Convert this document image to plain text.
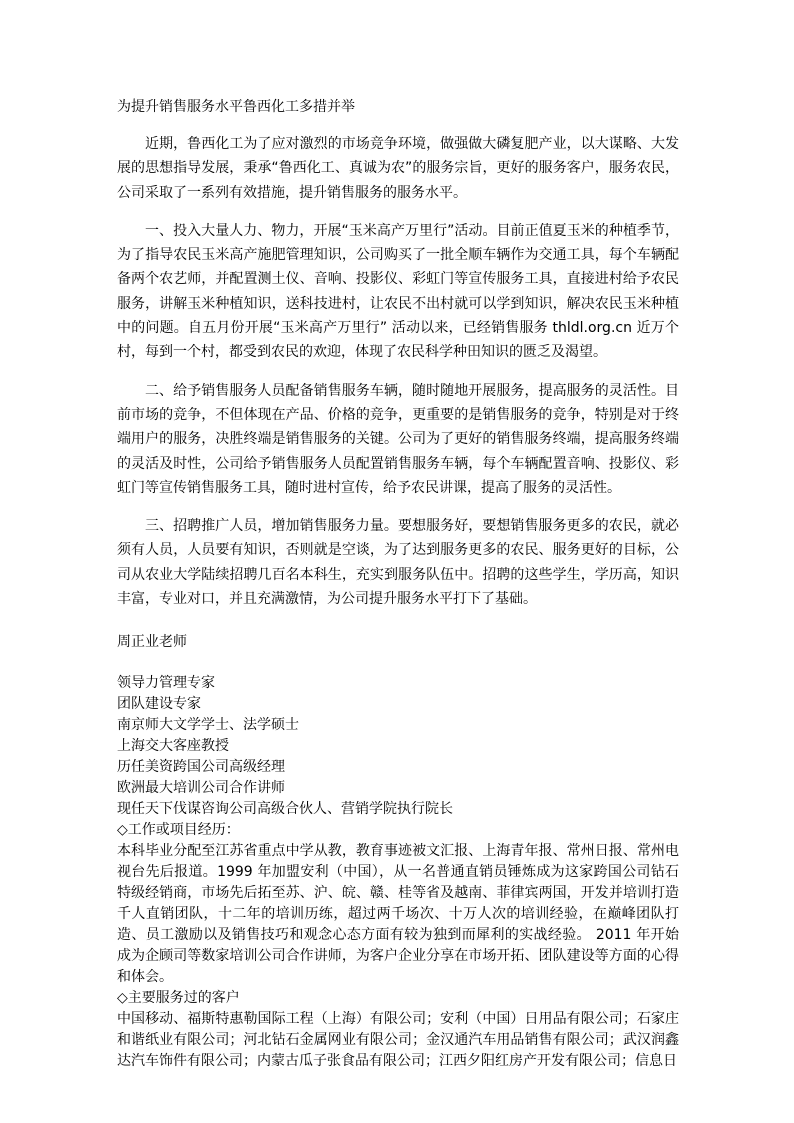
为提升销售服务水平鲁西化工多措并举

近期，鲁西化工为了应对激烈的市场竞争环境，做强做大磷复肥产业，以大谋略、大发展的思想指导发展，秉承“鲁西化工、真诚为农”的服务宗旨，更好的服务客户，服务农民，公司采取了一系列有效措施，提升销售服务的服务水平。

一、投入大量人力、物力，开展“玉米高产万里行”活动。目前正值夏玉米的种植季节，为了指导农民玉米高产施肥管理知识，公司购买了一批全顺车辆作为交通工具，每个车辆配备两个农艺师，并配置测土仪、音响、投影仪、彩虹门等宣传服务工具，直接进村给予农民服务，讲解玉米种植知识，送科技进村，让农民不出村就可以学到知识，解决农民玉米种植中的问题。自五月份开展“玉米高产万里行” 活动以来，已经销售服务 thldl.org.cn 近万个村，每到一个村，都受到农民的欢迎，体现了农民科学种田知识的匮乏及渴望。

二、给予销售服务人员配备销售服务车辆，随时随地开展服务，提高服务的灵活性。目前市场的竞争，不但体现在产品、价格的竞争，更重要的是销售服务的竞争，特别是对于终端用户的服务，决胜终端是销售服务的关键。公司为了更好的销售服务终端，提高服务终端的灵活及时性，公司给予销售服务人员配置销售服务车辆，每个车辆配置音响、投影仪、彩虹门等宣传销售服务工具，随时进村宣传，给予农民讲课，提高了服务的灵活性。

三、招聘推广人员，增加销售服务力量。要想服务好，要想销售服务更多的农民，就必须有人员，人员要有知识，否则就是空谈，为了达到服务更多的农民、服务更好的目标，公司从农业大学陆续招聘几百名本科生，充实到服务队伍中。招聘的这些学生，学历高，知识丰富，专业对口，并且充满激情，为公司提升服务水平打下了基础。

周正业老师

领导力管理专家

团队建设专家

南京师大文学学士、法学硕士

上海交大客座教授

历任美资跨国公司高级经理

欧洲最大培训公司合作讲师

现任天下伐谋咨询公司高级合伙人、营销学院执行院长

◇工作或项目经历：

本科毕业分配至江苏省重点中学从教，教育事迹被文汇报、上海青年报、常州日报、常州电视台先后报道。1999 年加盟安利（中国），从一名普通直销员锤炼成为这家跨国公司钻石特级经销商，市场先后拓至苏、沪、皖、赣、桂等省及越南、菲律宾两国，开发并培训打造千人直销团队，十二年的培训历练，超过两千场次、十万人次的培训经验，在巅峰团队打造、员工激励以及销售技巧和观念心态方面有较为独到而犀利的实战经验。 2011 年开始成为企顾司等数家培训公司合作讲师，为客户企业分享在市场开拓、团队建设等方面的心得和体会。

◇主要服务过的客户

中国移动、福斯特惠勒国际工程（上海）有限公司；安利（中国）日用品有限公司；石家庄和谐纸业有限公司；河北钻石金属网业有限公司；金汉通汽车用品销售有限公司；武汉润鑫达汽车饰件有限公司；内蒙古瓜子张食品有限公司；江西夕阳红房产开发有限公司；信息日
